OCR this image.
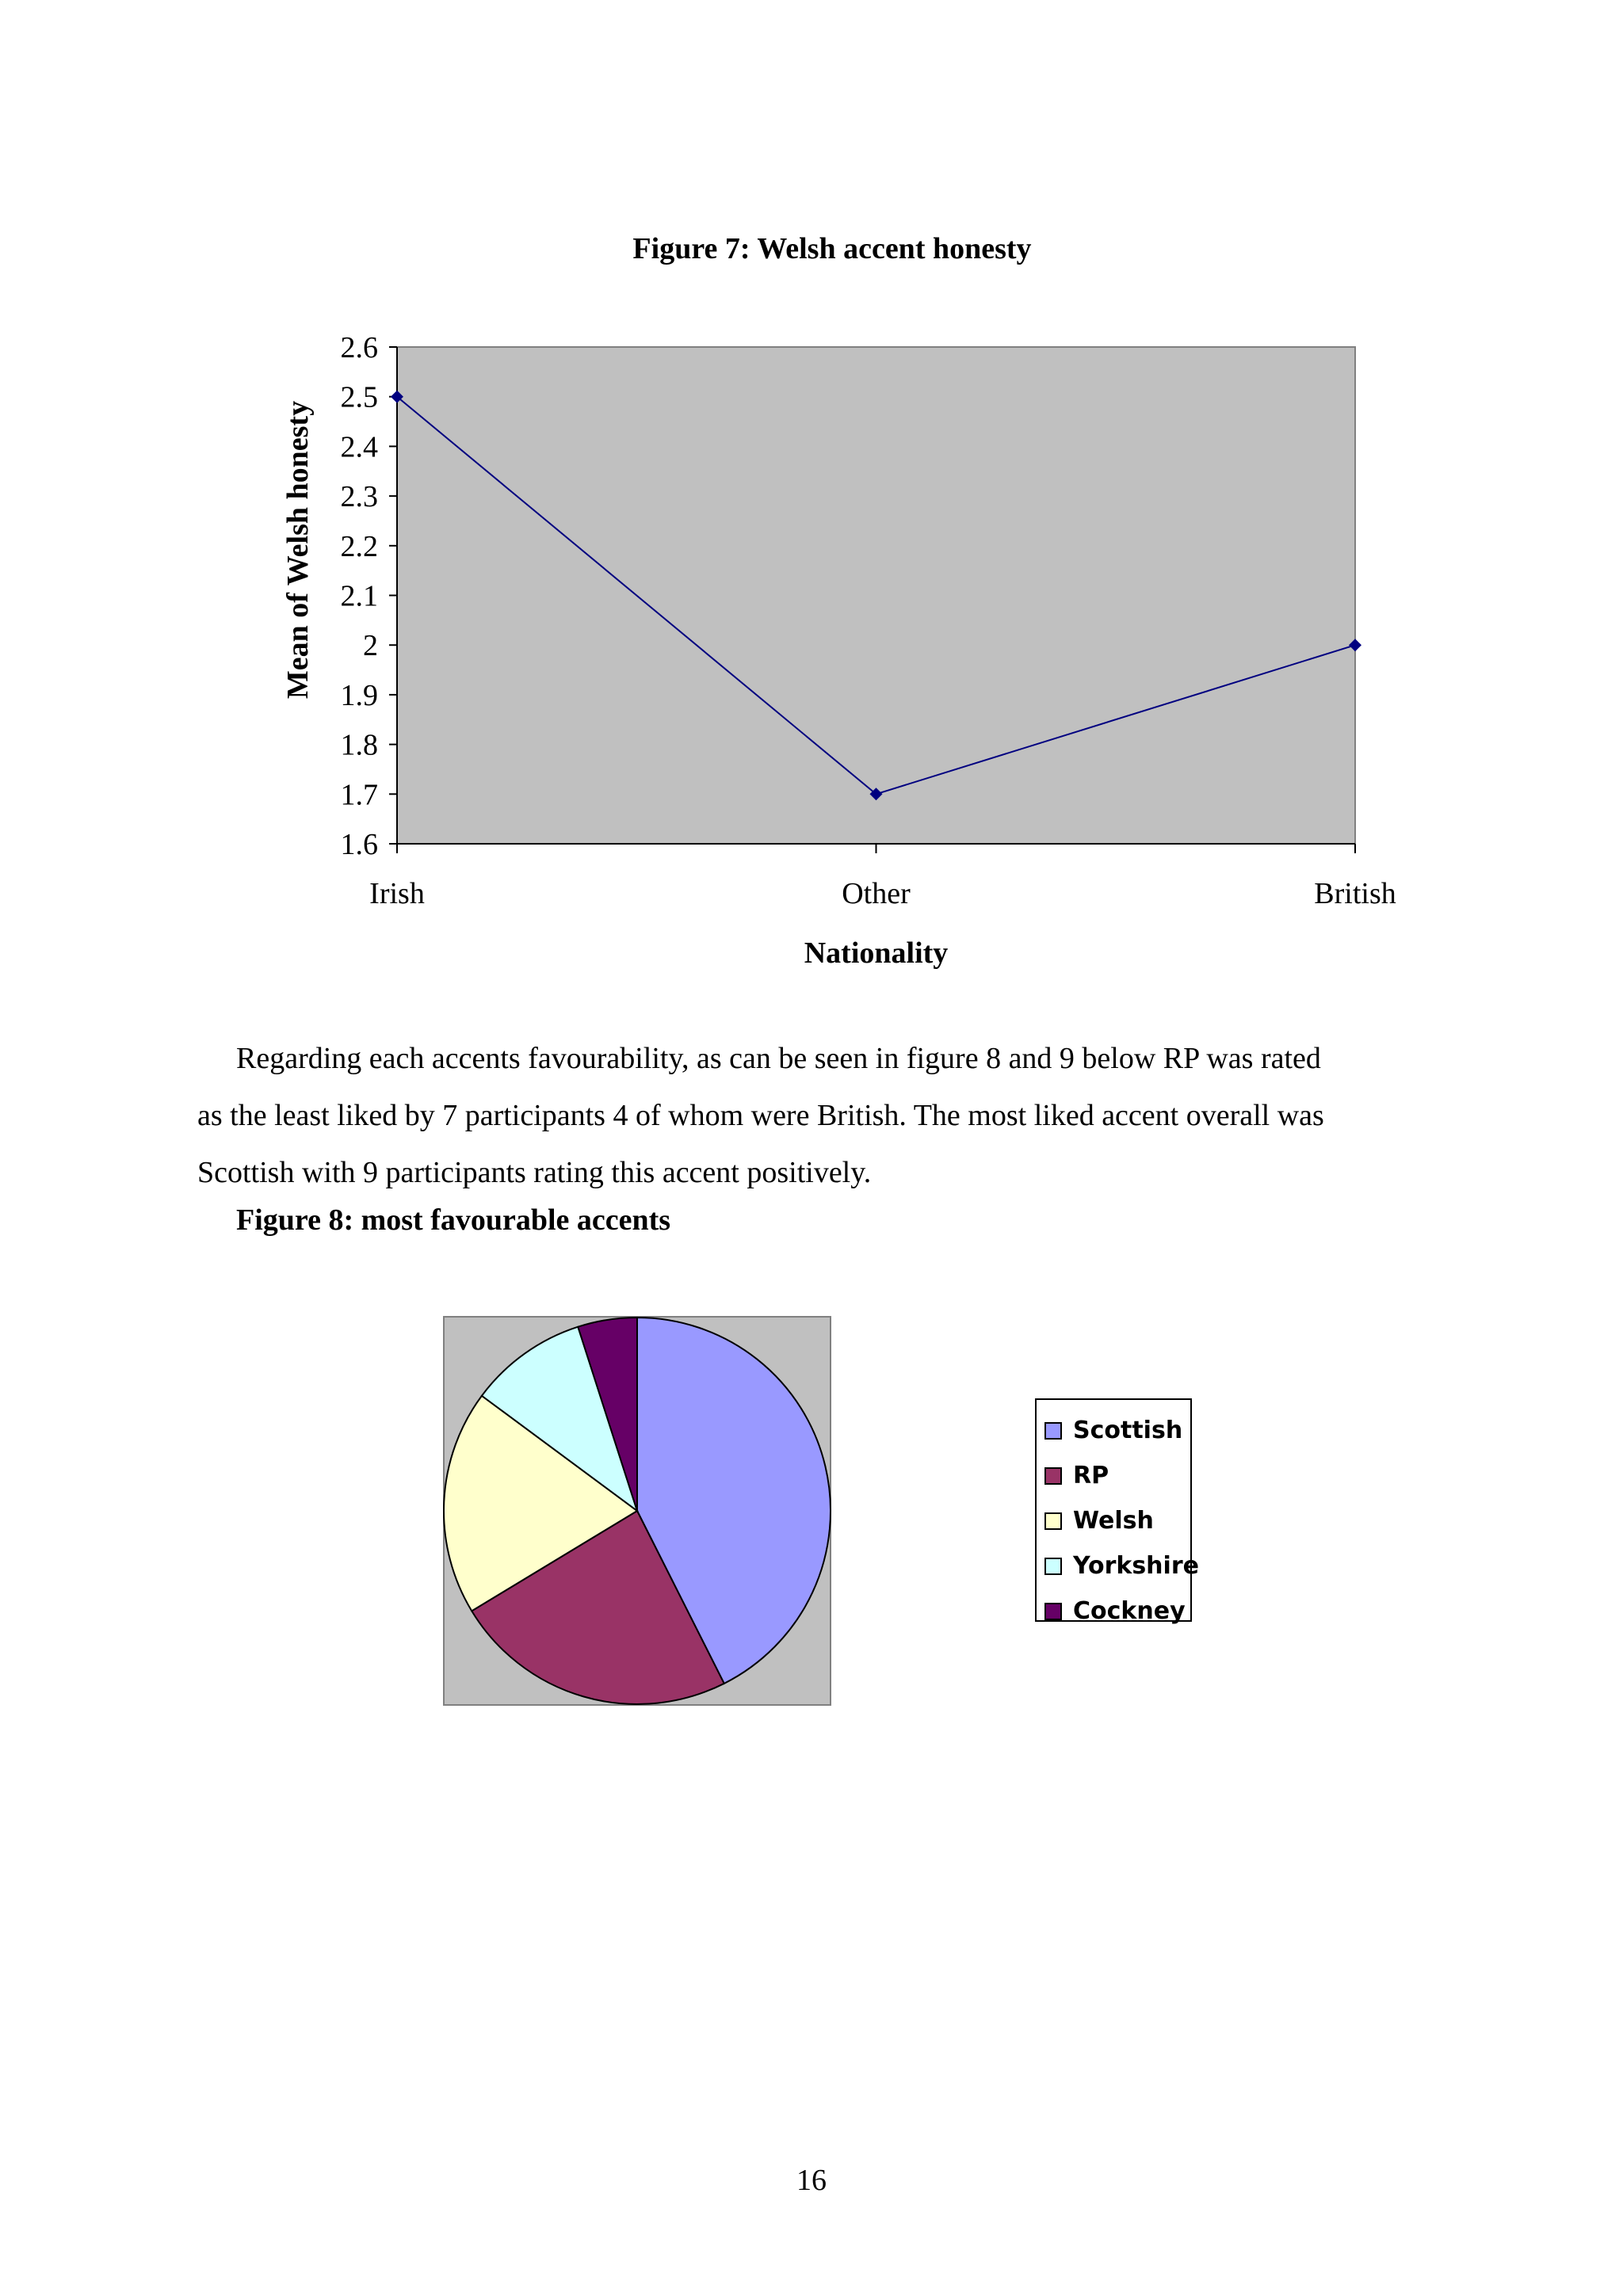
Figure 7: Welsh accent honesty
2.6
2.5
2.4
2.3
2.2
2.1
2
1.9
1.8
1.7
1.6
Irish	Other	British
Nationality
Mean of Welsh honesty
Regarding each accents favourability, as can be seen in figure 8 and 9 below RP was rated
as the least liked by 7 participants 4 of whom were British. The most liked accent overall was
Scottish with 9 participants rating this accent positively.
Figure 8: most favourable accents
Scottish
RP
Welsh
Yorkshire
Cockney
16
